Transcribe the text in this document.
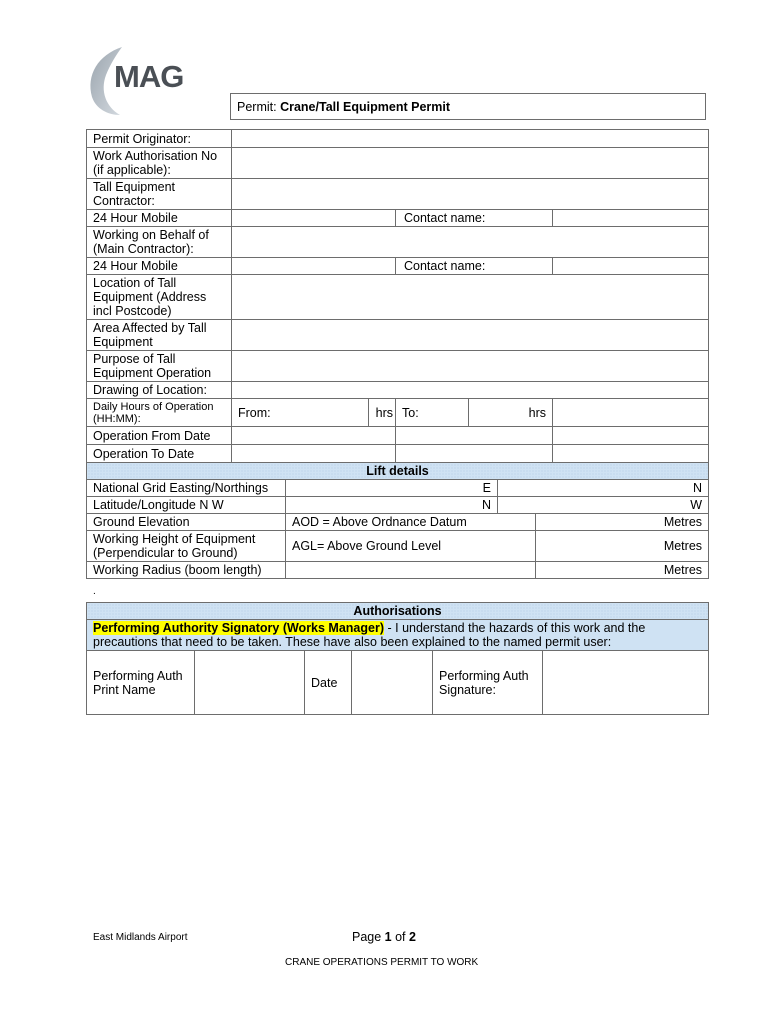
MAG
Permit: Crane/Tall Equipment Permit
Permit Originator:					
Work Authorisation No (if applicable):					
Tall Equipment Contractor:					
24 Hour Mobile			Contact name:		
Working on Behalf of (Main Contractor):					
24 Hour Mobile			Contact name:		
Location of Tall Equipment (Address incl Postcode)					
Area Affected by Tall Equipment					
Purpose of Tall Equipment Operation					
Drawing of Location:					
Daily Hours of Operation (HH:MM):	From:	hrs	To:	hrs	
Operation From Date					
Operation To Date					
Lift details			
National Grid Easting/Northings	E	N	
Latitude/Longitude N W	N	W	
Ground Elevation	AOD = Above Ordnance Datum		Metres
Working Height of Equipment (Perpendicular to Ground)	AGL= Above Ground Level		Metres
Working Radius (boom length)			Metres
.
Authorisations
Performing Authority Signatory (Works Manager) - I understand the hazards of this work and the precautions that need to be taken. These have also been explained to the named permit user:
Performing Auth Print Name		Date		Performing Auth Signature:	
East Midlands Airport	Page 1 of 2
CRANE OPERATIONS PERMIT TO WORK
